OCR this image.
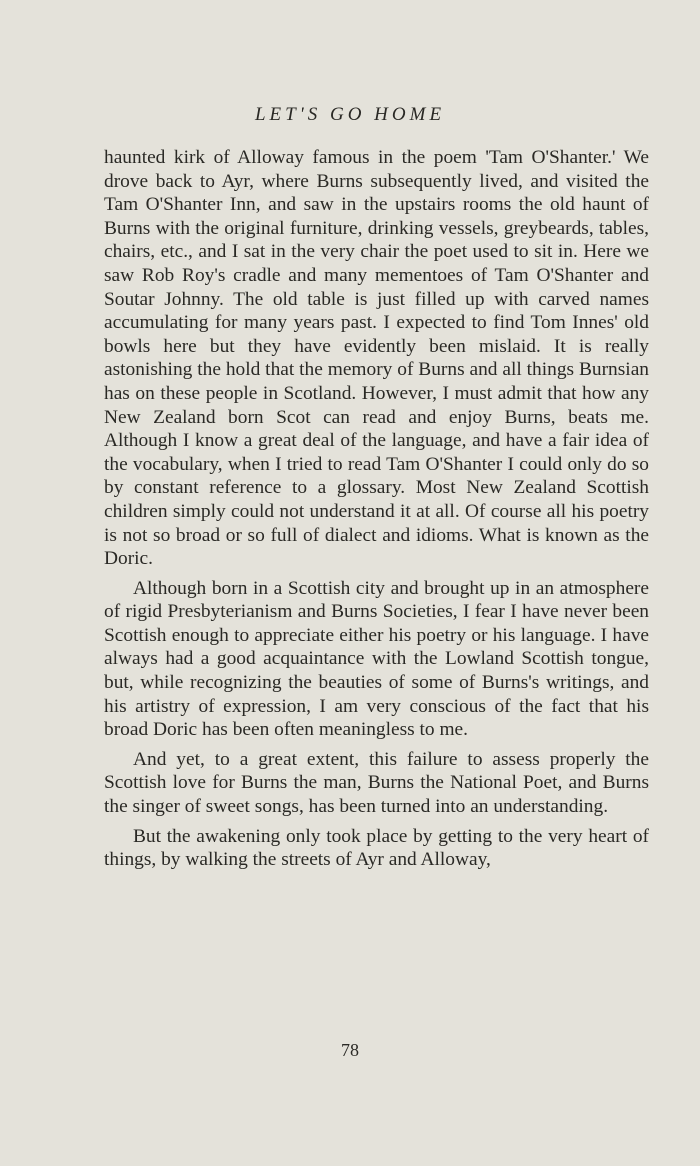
LET'S GO HOME

haunted kirk of Alloway famous in the poem 'Tam O'Shanter.' We drove back to Ayr, where Burns subsequently lived, and visited the Tam O'Shanter Inn, and saw in the upstairs rooms the old haunt of Burns with the original furniture, drinking vessels, greybeards, tables, chairs, etc., and I sat in the very chair the poet used to sit in. Here we saw Rob Roy's cradle and many mementoes of Tam O'Shanter and Soutar Johnny. The old table is just filled up with carved names accumulating for many years past. I expected to find Tom Innes' old bowls here but they have evidently been mislaid. It is really astonishing the hold that the memory of Burns and all things Burnsian has on these people in Scotland. However, I must admit that how any New Zealand born Scot can read and enjoy Burns, beats me. Although I know a great deal of the language, and have a fair idea of the vocabulary, when I tried to read Tam O'Shanter I could only do so by constant reference to a glossary. Most New Zealand Scottish children simply could not understand it at all. Of course all his poetry is not so broad or so full of dialect and idioms. What is known as the Doric.

Although born in a Scottish city and brought up in an atmosphere of rigid Presbyterianism and Burns Societies, I fear I have never been Scottish enough to appreciate either his poetry or his language. I have always had a good acquaintance with the Lowland Scottish tongue, but, while recognizing the beauties of some of Burns's writings, and his artistry of expression, I am very conscious of the fact that his broad Doric has been often meaningless to me.

And yet, to a great extent, this failure to assess properly the Scottish love for Burns the man, Burns the National Poet, and Burns the singer of sweet songs, has been turned into an understanding.

But the awakening only took place by getting to the very heart of things, by walking the streets of Ayr and Alloway,

78
